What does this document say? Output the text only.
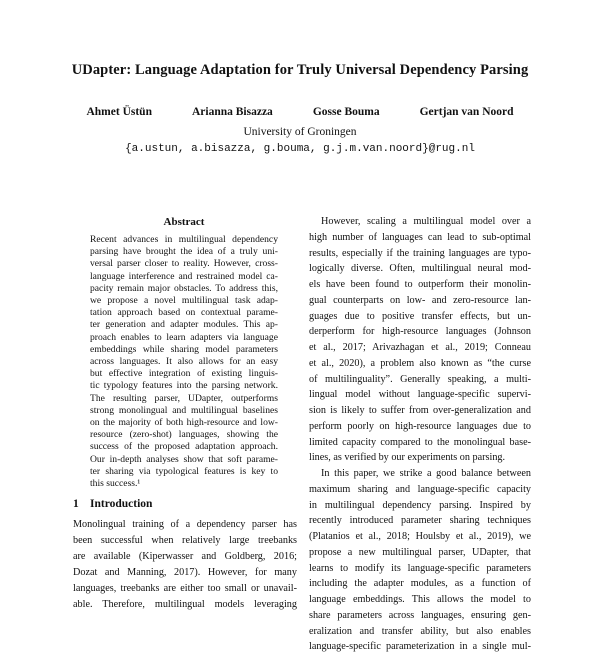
UDapter: Language Adaptation for Truly Universal Dependency Parsing
Ahmet Üstün	Arianna Bisazza	Gosse Bouma	Gertjan van Noord
University of Groningen
{a.ustun, a.bisazza, g.bouma, g.j.m.van.noord}@rug.nl
Abstract
Recent advances in multilingual dependency
parsing have brought the idea of a truly uni-
versal parser closer to reality. However, cross-
language interference and restrained model ca-
pacity remain major obstacles. To address this,
we propose a novel multilingual task adap-
tation approach based on contextual parame-
ter generation and adapter modules. This ap-
proach enables to learn adapters via language
embeddings while sharing model parameters
across languages. It also allows for an easy
but effective integration of existing linguis-
tic typology features into the parsing network.
The resulting parser, UDapter, outperforms
strong monolingual and multilingual baselines
on the majority of both high-resource and low-
resource (zero-shot) languages, showing the
success of the proposed adaptation approach.
Our in-depth analyses show that soft parame-
ter sharing via typological features is key to
this success.¹
1 Introduction
Monolingual training of a dependency parser has
been successful when relatively large treebanks
are available (Kiperwasser and Goldberg, 2016;
Dozat and Manning, 2017). However, for many
languages, treebanks are either too small or unavail-
able. Therefore, multilingual models leveraging
However, scaling a multilingual model over a
high number of languages can lead to sub-optimal
results, especially if the training languages are typo-
logically diverse. Often, multilingual neural mod-
els have been found to outperform their monolin-
gual counterparts on low- and zero-resource lan-
guages due to positive transfer effects, but un-
derperform for high-resource languages (Johnson
et al., 2017; Arivazhagan et al., 2019; Conneau
et al., 2020), a problem also known as “the curse
of multilinguality”. Generally speaking, a multi-
lingual model without language-specific supervi-
sion is likely to suffer from over-generalization and
perform poorly on high-resource languages due to
limited capacity compared to the monolingual base-
lines, as verified by our experiments on parsing.
In this paper, we strike a good balance between
maximum sharing and language-specific capacity
in multilingual dependency parsing. Inspired by
recently introduced parameter sharing techniques
(Platanios et al., 2018; Houlsby et al., 2019), we
propose a new multilingual parser, UDapter, that
learns to modify its language-specific parameters
including the adapter modules, as a function of
language embeddings. This allows the model to
share parameters across languages, ensuring gen-
eralization and transfer ability, but also enables
language-specific parameterization in a single mul-
